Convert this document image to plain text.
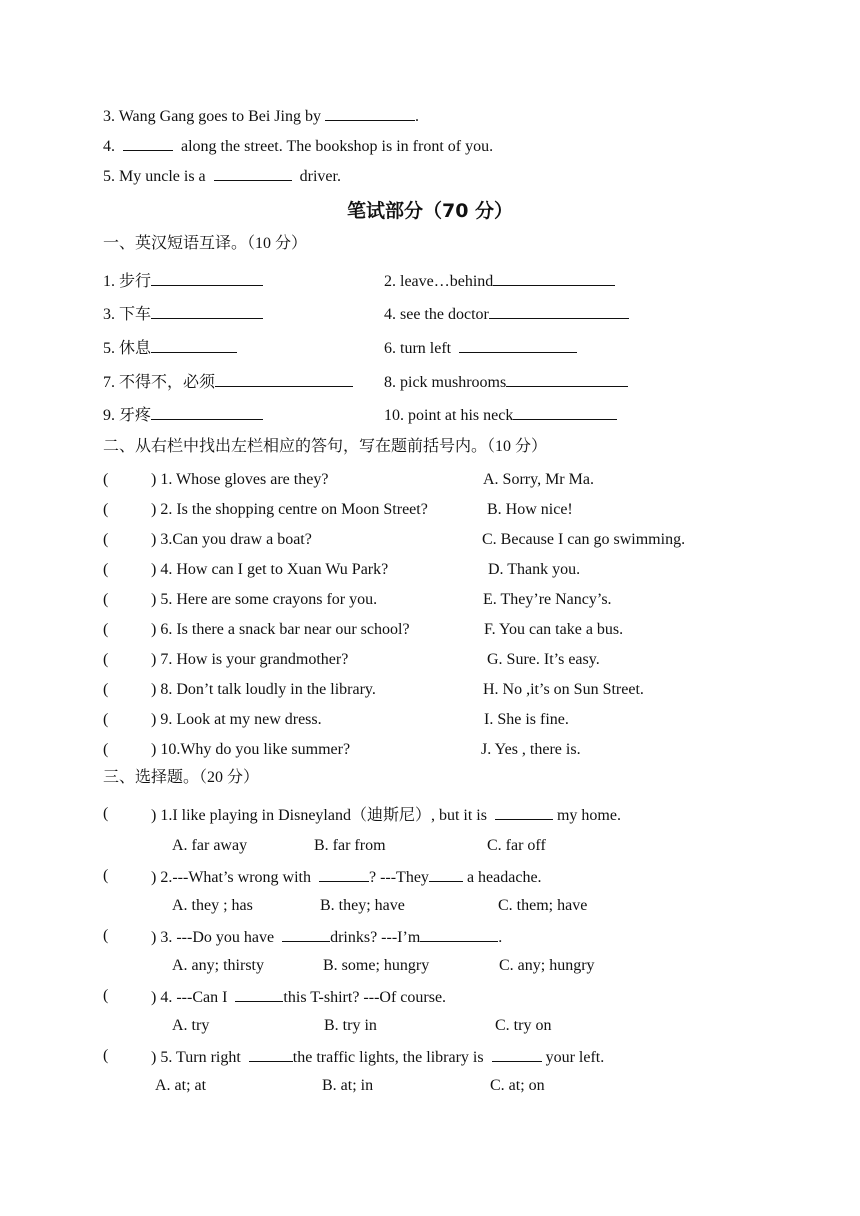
3. Wang Gang goes to Bei Jing by	.
4.	along the street. The bookshop is in front of you.
5. My uncle is a	driver.
笔试部分（70 分）
一、英汉短语互译。（10 分）
1. 步行	2. leave…behind
3. 下车	4. see the doctor
5. 休息	6. turn left
7. 不得不，必须	8. pick mushrooms
9. 牙疼	10. point at his neck
二、从右栏中找出左栏相应的答句，写在题前括号内。（10 分）
(	) 1. Whose gloves are they?	A. Sorry, Mr Ma.
(	) 2. Is the shopping centre on Moon Street?	B. How nice!
(	) 3.Can you draw a boat?	C. Because I can go swimming.
(	) 4. How can I get to Xuan Wu Park?	D. Thank you.
(	) 5. Here are some crayons for you.	E. They’re Nancy’s.
(	) 6. Is there a snack bar near our school?	F. You can take a bus.
(	) 7. How is your grandmother?	G. Sure. It’s easy.
(	) 8. Don’t talk loudly in the library.	H. No ,it’s on Sun Street.
(	) 9. Look at my new dress.	I. She is fine.
(	) 10.Why do you like summer?	J. Yes , there is.
三、选择题。（20 分）
(	) 1.I like playing in Disneyland（迪斯尼）, but it is	my home.
A. far away	B. far from	C. far off
(	) 2.---What’s wrong with	? ---They a headache.
A. they ; has	B. they; have	C. them; have
(	) 3. ---Do you have	drinks? ---I’m	.
A. any; thirsty	B. some; hungry	C. any; hungry
(	) 4. ---Can I	this T-shirt? ---Of course.
A. try	B. try in	C. try on
(	) 5. Turn right	the traffic lights, the library is	your left.
A. at; at	B. at; in	C. at; on
